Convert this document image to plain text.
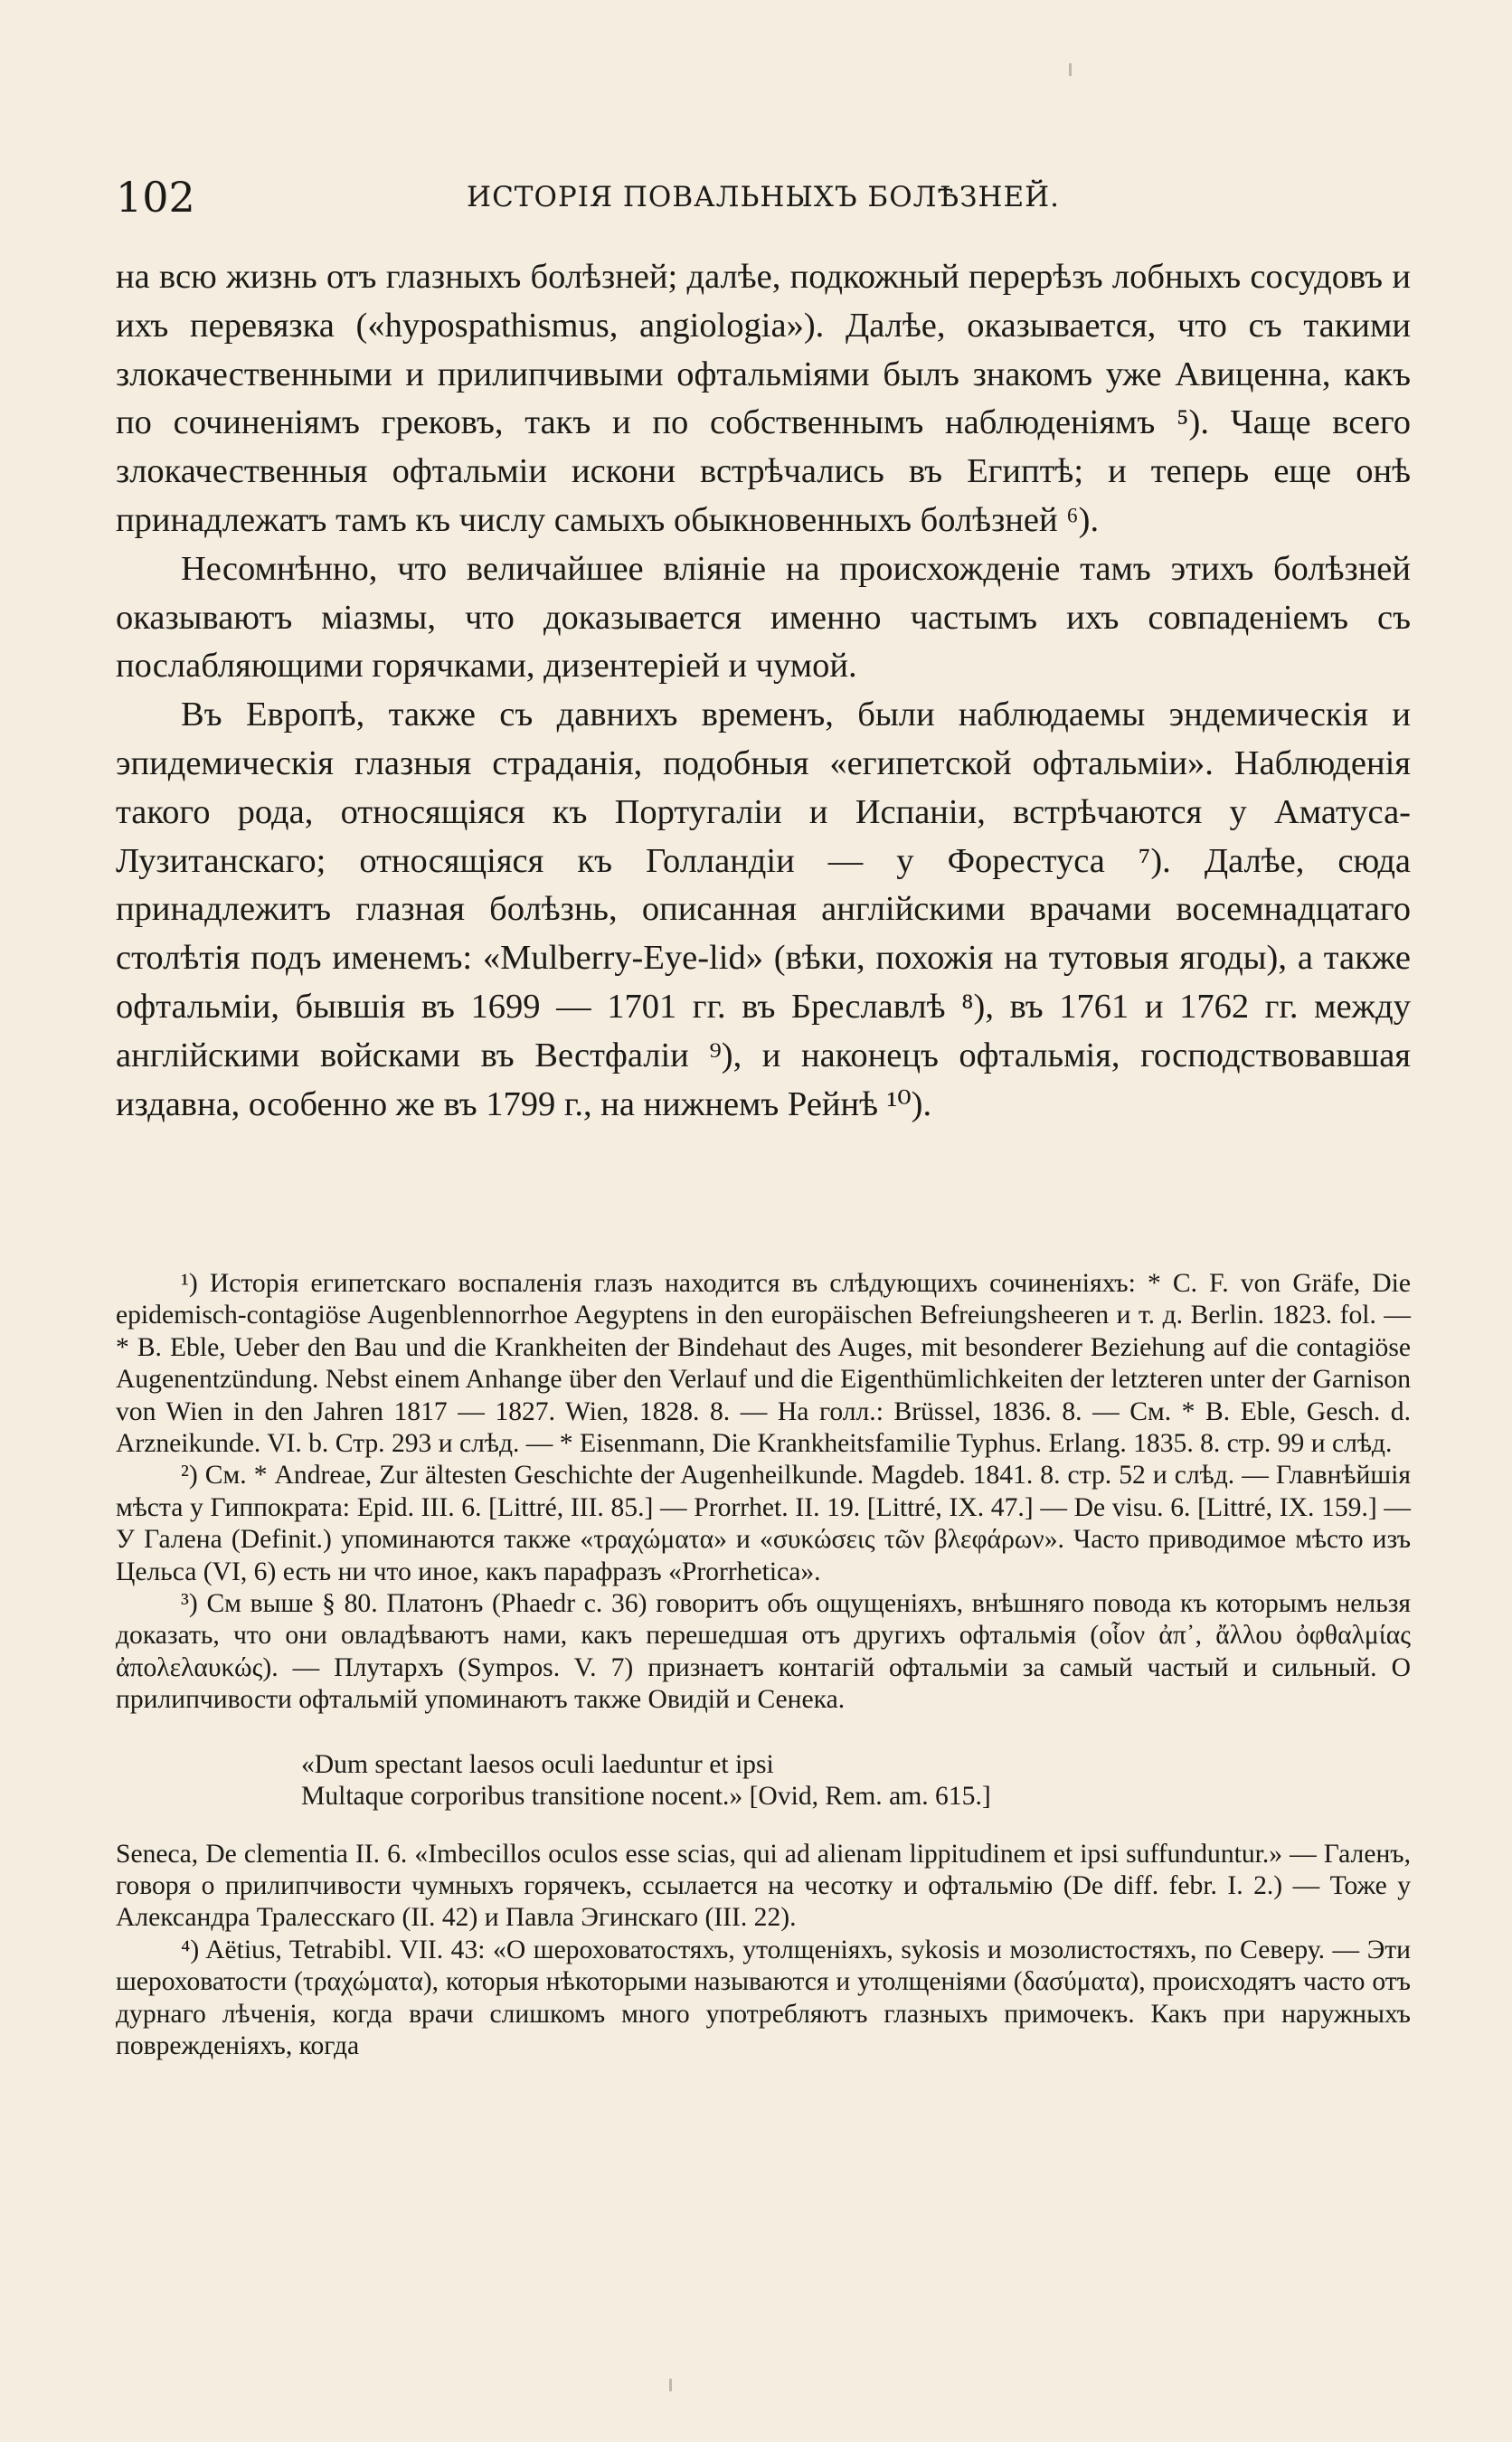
102	ИСТОРІЯ ПОВАЛЬНЫХЪ БОЛѢЗНЕЙ.

на всю жизнь отъ глазныхъ болѣзней; далѣе, подкожный перерѣзъ лобныхъ сосудовъ и ихъ перевязка («hyposрathismus, angiologia»). Далѣе, оказывается, что съ такими злокачественными и прилипчивыми офтальміями былъ знакомъ уже Авиценна, какъ по сочиненіямъ грековъ, такъ и по собственнымъ наблюденіямъ ⁵). Чаще всего злокачественныя офтальміи искони встрѣчались въ Египтѣ; и теперь еще онѣ принадлежатъ тамъ къ числу самыхъ обыкновенныхъ болѣзней ⁶).

Несомнѣнно, что величайшее вліяніе на происхожденіе тамъ этихъ болѣзней оказываютъ міазмы, что доказывается именно частымъ ихъ совпаденіемъ съ послабляющими горячками, дизентеріей и чумой.

Въ Европѣ, также съ давнихъ временъ, были наблюдаемы эндемическія и эпидемическія глазныя страданія, подобныя «египетской офтальміи». Наблюденія такого рода, относящіяся къ Португаліи и Испаніи, встрѣчаются у Аматуса-Лузитанскаго; относящіяся къ Голландіи — у Форестуса ⁷). Далѣе, сюда принадлежитъ глазная болѣзнь, описанная англійскими врачами восемнадцатаго столѣтія подъ именемъ: «Mulberry-Eye-lid» (вѣки, похожія на тутовыя ягоды), а также офтальміи, бывшія въ 1699 — 1701 гг. въ Бреславлѣ ⁸), въ 1761 и 1762 гг. между англійскими войсками въ Вестфаліи ⁹), и наконецъ офтальмія, господствовавшая издавна, особенно же въ 1799 г., на нижнемъ Рейнѣ ¹⁰).

¹) Исторія египетскаго воспаленія глазъ находится въ слѣдующихъ сочиненіяхъ: * C. F. von Gräfe, Die epidemisch-contagiöse Augenblennorrhoe Aegyptens in den europäischen Befreiungsheeren и т. д. Berlin. 1823. fol. — * B. Eble, Ueber den Bau und die Krankheiten der Bindehaut des Auges, mit besonderer Beziehung auf die contagiöse Augenentzündung. Nebst einem Anhange über den Verlauf und die Eigenthümlichkeiten der letzteren unter der Garnison von Wien in den Jahren 1817 — 1827. Wien, 1828. 8. — На голл.: Brüssel, 1836. 8. — См. * B. Eble, Gesch. d. Arzneikunde. VI. b. Стр. 293 и слѣд. — * Eisenmann, Die Krankheitsfamilie Typhus. Erlang. 1835. 8. стр. 99 и слѣд.

²) См. * Andreae, Zur ältesten Geschichte der Augenheilkunde. Magdeb. 1841. 8. стр. 52 и слѣд. — Главнѣйшія мѣста у Гиппократа: Epid. III. 6. [Littré, III. 85.] — Prorrhet. II. 19. [Littré, IX. 47.] — De visu. 6. [Littré, IX. 159.] — У Галена (Definit.) упоминаются также «τραχώματα» и «συκώσεις τῶν βλεφάρων». Часто приводимое мѣсто изъ Цельса (VI, 6) есть ни что иное, какъ парафразъ «Prorrhetica».

³) См выше § 80. Платонъ (Phaedr c. 36) говоритъ объ ощущеніяхъ, внѣшняго повода къ которымъ нельзя доказать, что они овладѣваютъ нами, какъ перешедшая отъ другихъ офтальмія (οἷον ἀπ᾽, ἄλλου ὀφθαλμίας ἀπολελαυκώς). — Плутархъ (Sympos. V. 7) признаетъ контагій офтальміи за самый частый и сильный. О прилипчивости офтальмій упоминаютъ также Овидій и Сенека.

«Dum spectant laesos oculi laeduntur et ipsi
Multaque corporibus transitione nocent.» [Ovid, Rem. am. 615.]

Seneca, De clementia II. 6. «Imbecillos oculos esse scias, qui ad alienam lippitudinem et ipsi suffunduntur.» — Галенъ, говоря о прилипчивости чумныхъ горячекъ, ссылается на чесотку и офтальмію (De diff. febr. I. 2.) — Тоже у Александра Тралесскаго (II. 42) и Павла Эгинскаго (III. 22).

⁴) Aëtius, Tetrabibl. VII. 43: «О шероховатостяхъ, утолщеніяхъ, sykosis и мозолистостяхъ, по Северу. — Эти шероховатости (τραχώματα), которыя нѣкоторыми называются и утолщеніями (δασύματα), происходятъ часто отъ дурнаго лѣченія, когда врачи слишкомъ много употребляютъ глазныхъ примочекъ. Какъ при наружныхъ поврежденіяхъ, когда
